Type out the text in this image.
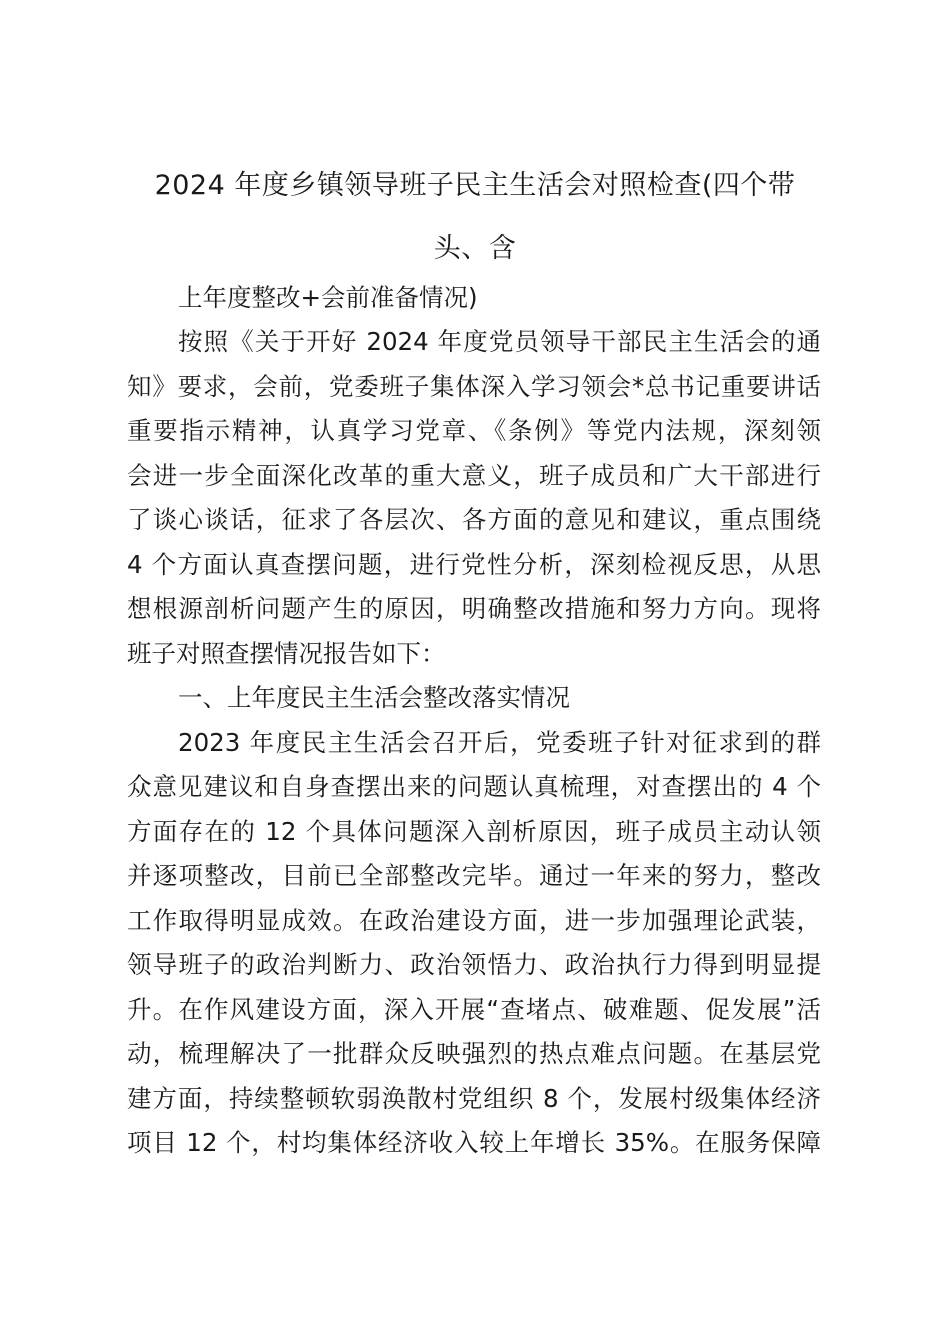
2024 年度乡镇领导班子民主生活会对照检查(四个带
头、含
上年度整改+会前准备情况)
按照《关于开好 2024 年度党员领导干部民主生活会的通
知》要求，会前，党委班子集体深入学习领会*总书记重要讲话
重要指示精神，认真学习党章、《条例》等党内法规，深刻领
会进一步全面深化改革的重大意义，班子成员和广大干部进行
了谈心谈话，征求了各层次、各方面的意见和建议，重点围绕
4 个方面认真查摆问题，进行党性分析，深刻检视反思，从思
想根源剖析问题产生的原因，明确整改措施和努力方向。现将
班子对照查摆情况报告如下：
一、上年度民主生活会整改落实情况
2023 年度民主生活会召开后，党委班子针对征求到的群
众意见建议和自身查摆出来的问题认真梳理，对查摆出的 4 个
方面存在的 12 个具体问题深入剖析原因，班子成员主动认领
并逐项整改，目前已全部整改完毕。通过一年来的努力，整改
工作取得明显成效。在政治建设方面，进一步加强理论武装，
领导班子的政治判断力、政治领悟力、政治执行力得到明显提
升。在作风建设方面，深入开展“查堵点、破难题、促发展”活
动，梳理解决了一批群众反映强烈的热点难点问题。在基层党
建方面，持续整顿软弱涣散村党组织 8 个，发展村级集体经济
项目 12 个，村均集体经济收入较上年增长 35%。在服务保障
